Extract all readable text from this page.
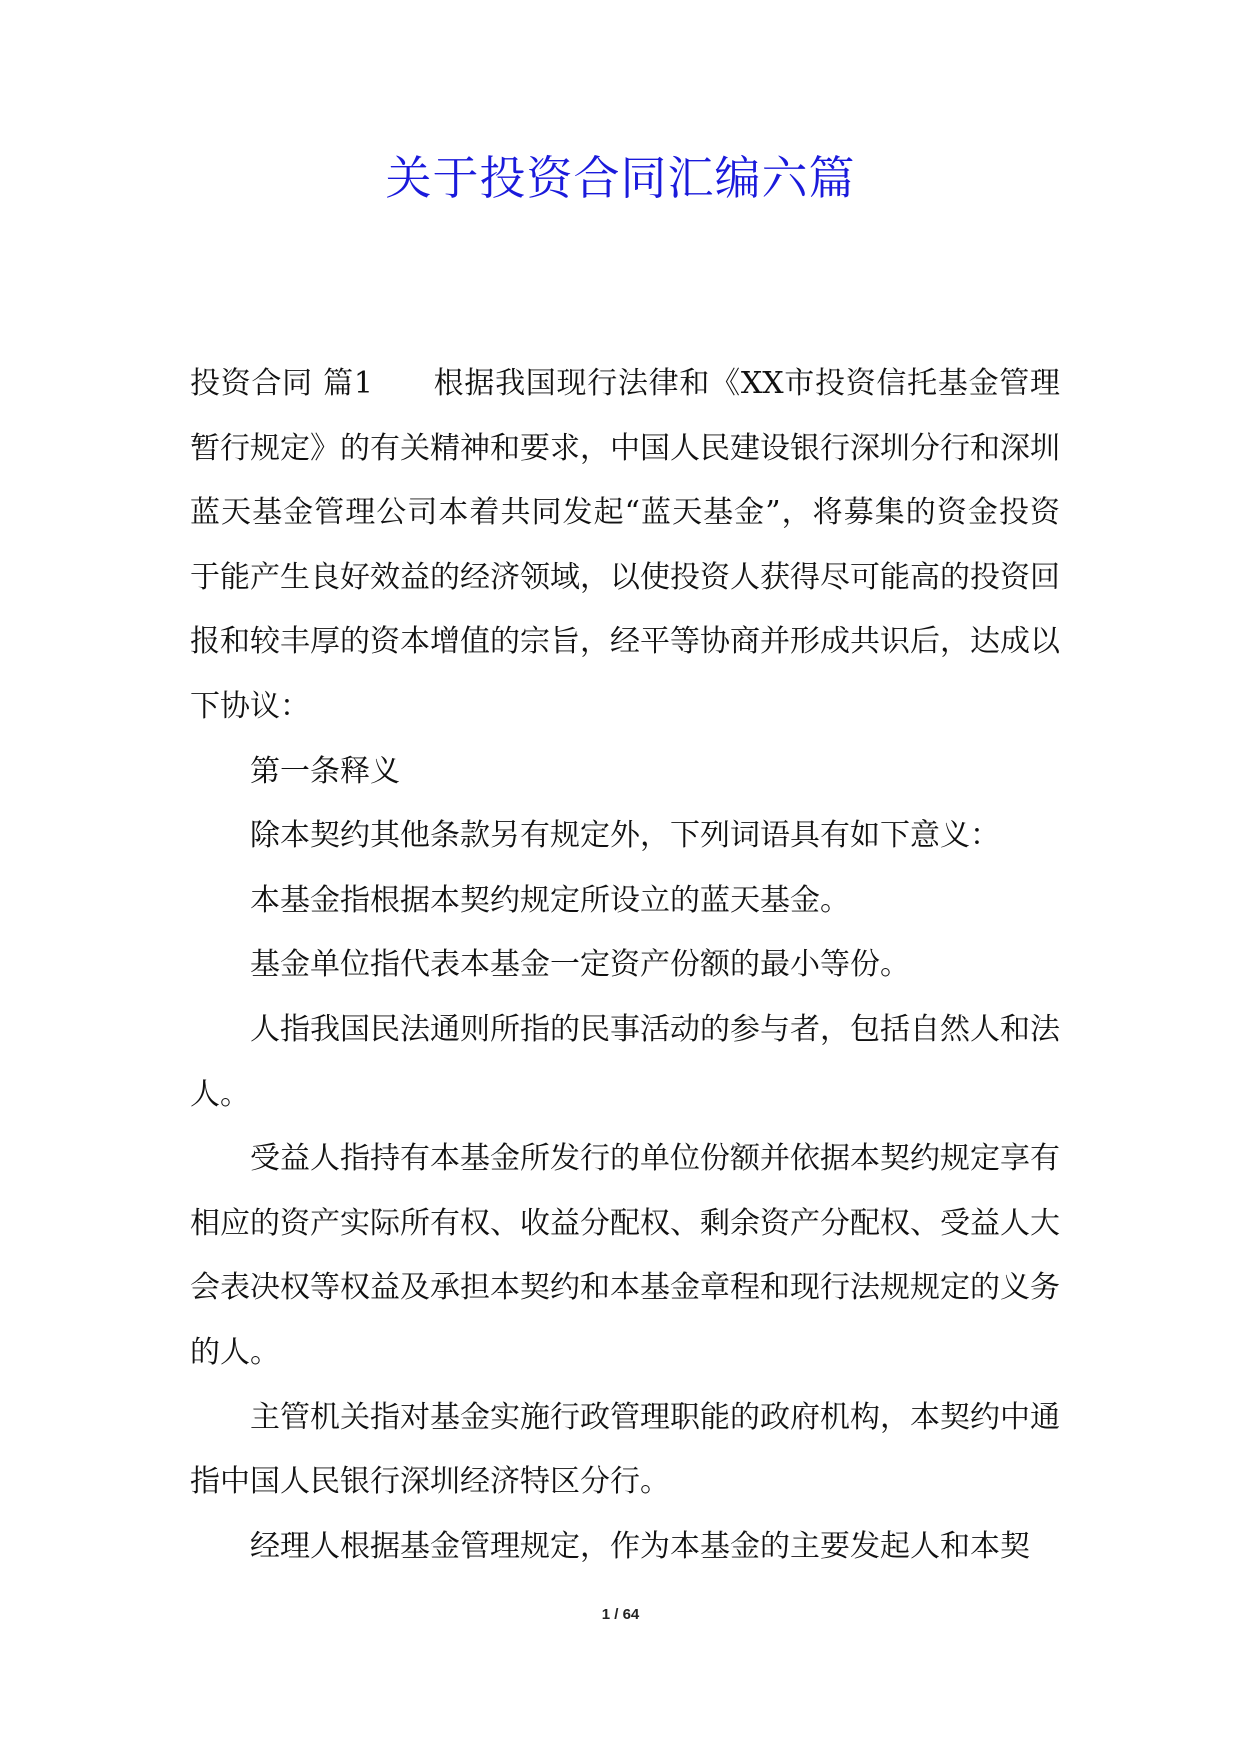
关于投资合同汇编六篇

投资合同 篇1 根据我国现行法律和《XX市投资信托基金管理暂行规定》的有关精神和要求，中国人民建设银行深圳分行和深圳蓝天基金管理公司本着共同发起“蓝天基金”，将募集的资金投资于能产生良好效益的经济领域，以使投资人获得尽可能高的投资回报和较丰厚的资本增值的宗旨，经平等协商并形成共识后，达成以下协议：

第一条释义

除本契约其他条款另有规定外，下列词语具有如下意义：

本基金指根据本契约规定所设立的蓝天基金。

基金单位指代表本基金一定资产份额的最小等份。

人指我国民法通则所指的民事活动的参与者，包括自然人和法人。

受益人指持有本基金所发行的单位份额并依据本契约规定享有相应的资产实际所有权、收益分配权、剩余资产分配权、受益人大会表决权等权益及承担本契约和本基金章程和现行法规规定的义务的人。

主管机关指对基金实施行政管理职能的政府机构，本契约中通指中国人民银行深圳经济特区分行。

经理人根据基金管理规定，作为本基金的主要发起人和本契

1 / 64
